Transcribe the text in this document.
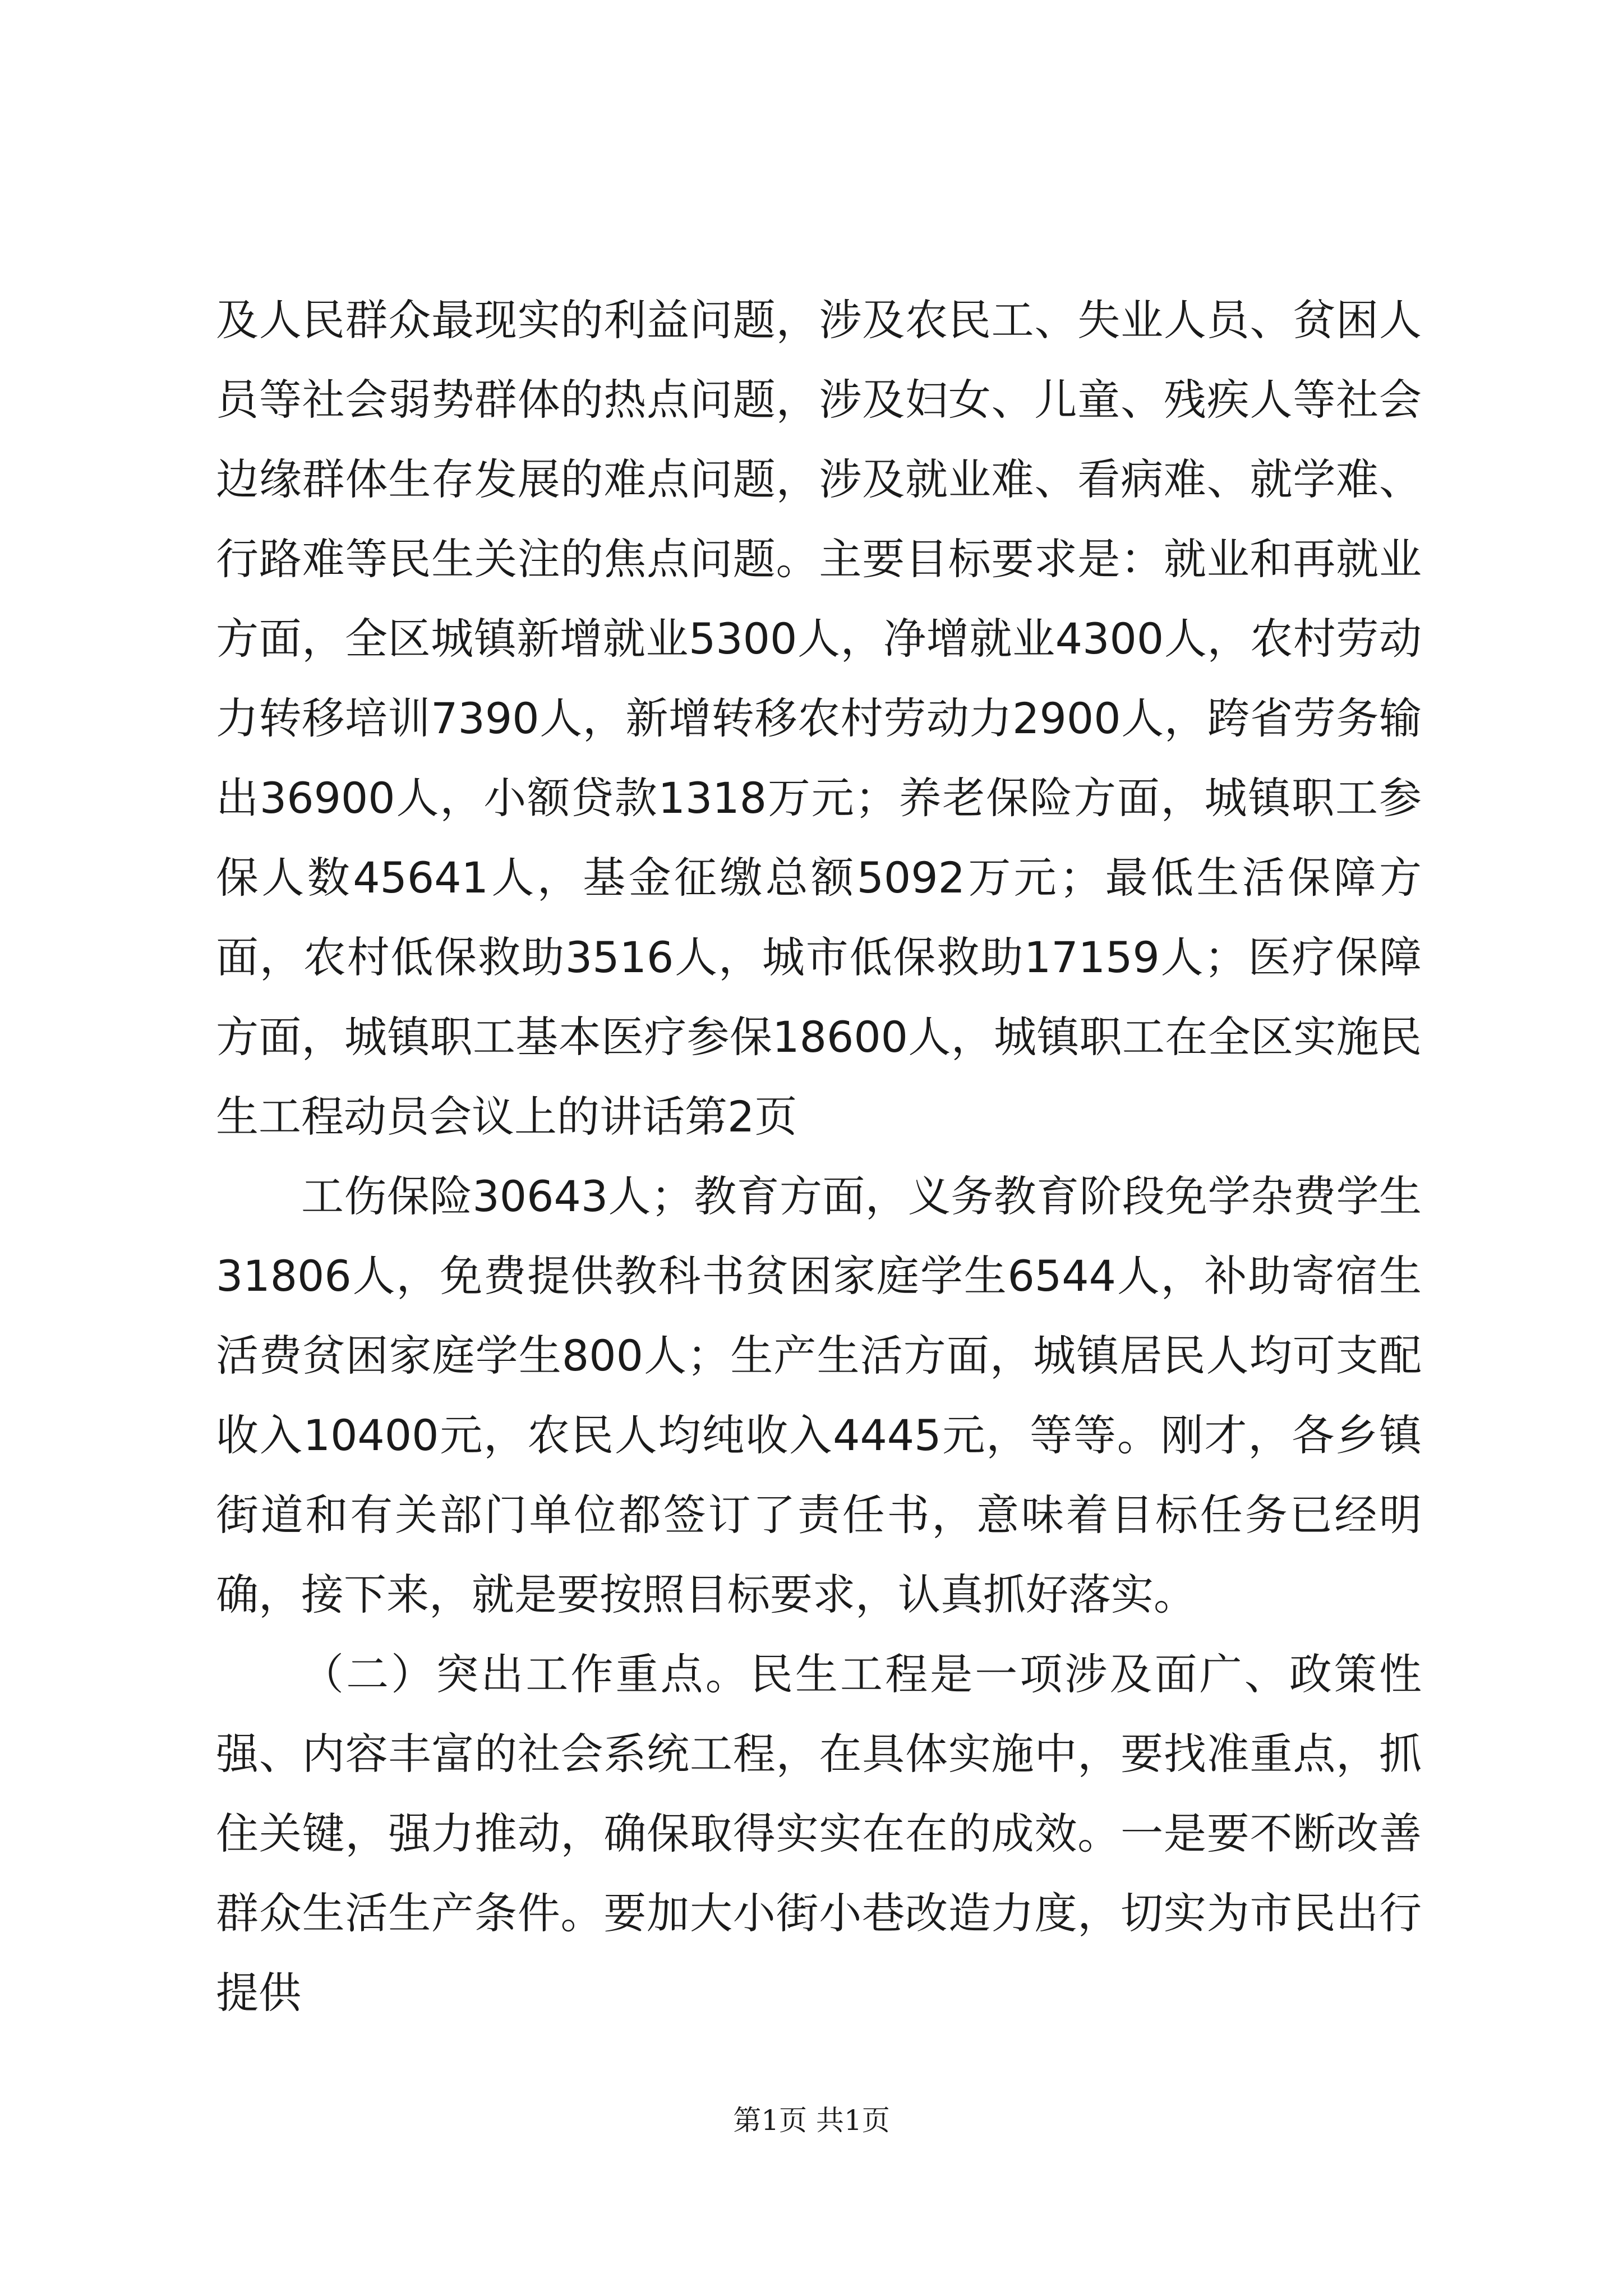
及人民群众最现实的利益问题，涉及农民工、失业人员、贫困人员等社会弱势群体的热点问题，涉及妇女、儿童、残疾人等社会边缘群体生存发展的难点问题，涉及就业难、看病难、就学难、行路难等民生关注的焦点问题。主要目标要求是：就业和再就业方面，全区城镇新增就业5300人，净增就业4300人，农村劳动力转移培训7390人，新增转移农村劳动力2900人，跨省劳务输出36900人，小额贷款1318万元；养老保险方面，城镇职工参保人数45641人，基金征缴总额5092万元；最低生活保障方面，农村低保救助3516人，城市低保救助17159人；医疗保障方面，城镇职工基本医疗参保18600人，城镇职工在全区实施民生工程动员会议上的讲话第2页

工伤保险30643人；教育方面，义务教育阶段免学杂费学生31806人，免费提供教科书贫困家庭学生6544人，补助寄宿生活费贫困家庭学生800人；生产生活方面，城镇居民人均可支配收入10400元，农民人均纯收入4445元，等等。刚才，各乡镇街道和有关部门单位都签订了责任书，意味着目标任务已经明确，接下来，就是要按照目标要求，认真抓好落实。

（二）突出工作重点。民生工程是一项涉及面广、政策性强、内容丰富的社会系统工程，在具体实施中，要找准重点，抓住关键，强力推动，确保取得实实在在的成效。一是要不断改善群众生活生产条件。要加大小街小巷改造力度，切实为市民出行提供

第1页 共1页
